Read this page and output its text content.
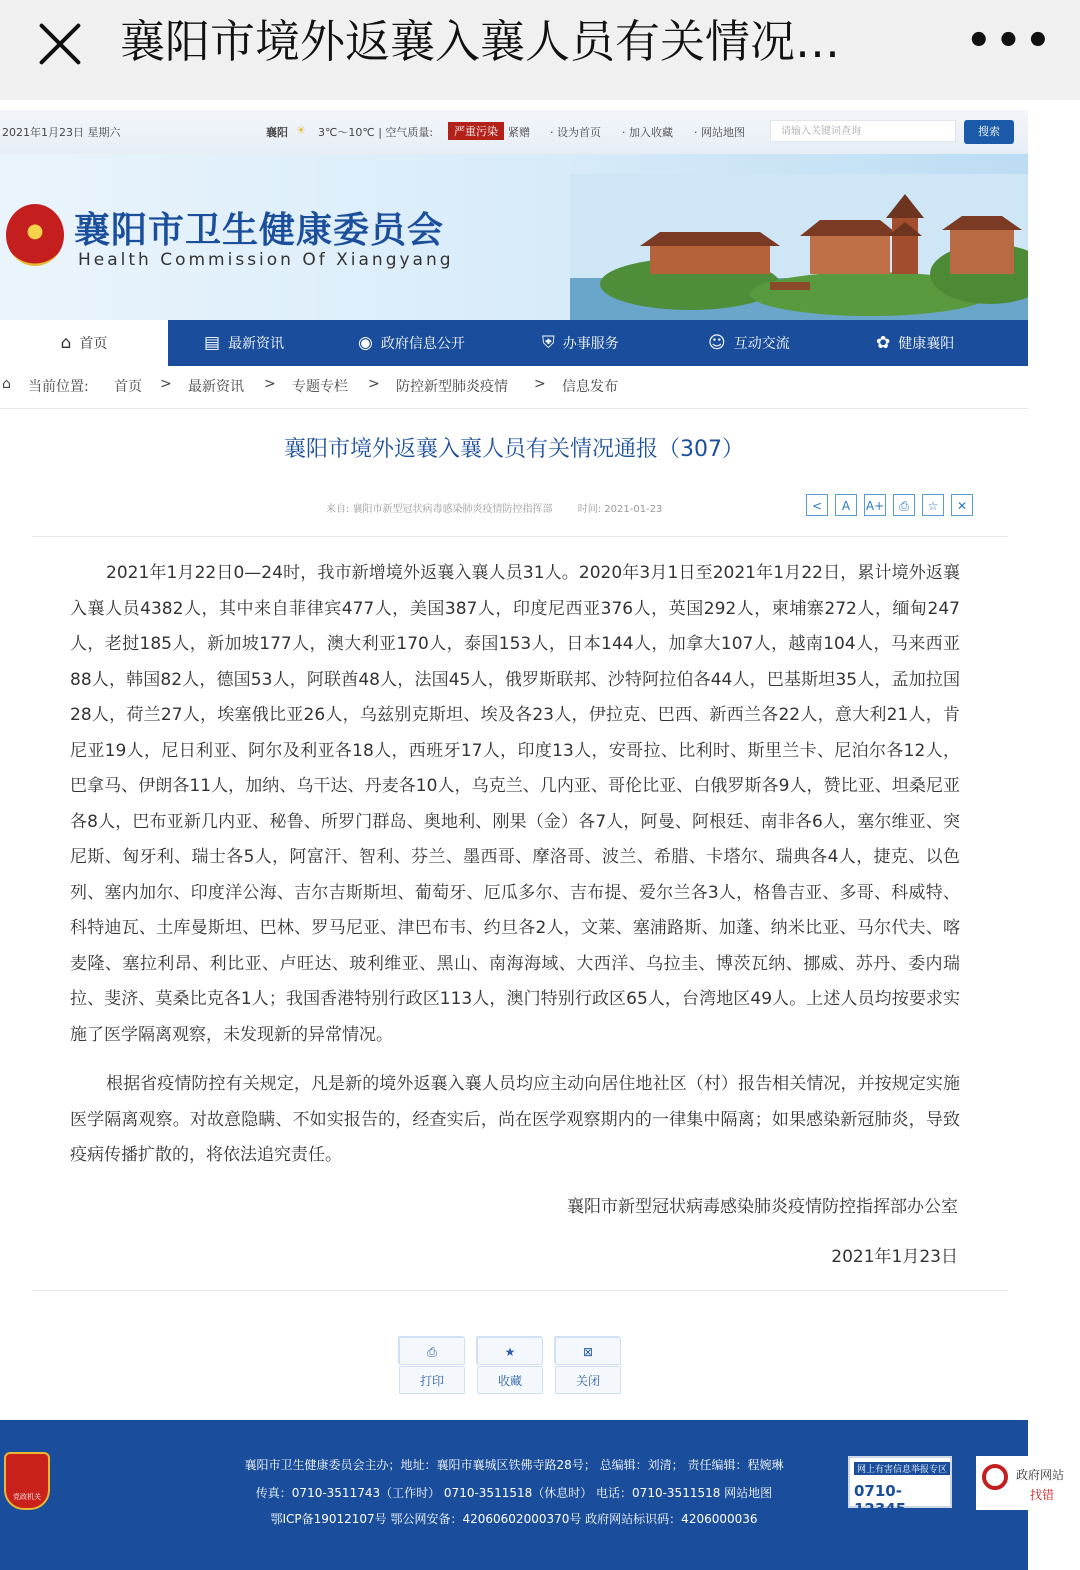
襄阳市境外返襄入襄人员有关情况…	•••
2021年1月23日 星期六	襄阳 ☀ 3℃～10℃ | 空气质量:	严重污染 紧赠 · 设为首页 · 加入收藏 · 网站地图	请输入关键词查询	搜索
襄阳市卫生健康委员会
Health Commission Of Xiangyang
⌂ 首页	▤ 最新资讯	◉ 政府信息公开	⛨ 办事服务	☺ 互动交流	✿ 健康襄阳
⌂ 当前位置: 首页 > 最新资讯 > 专题专栏 > 防控新型肺炎疫情 > 信息发布
襄阳市境外返襄入襄人员有关情况通报（307）
来自: 襄阳市新型冠状病毒感染肺炎疫情防控指挥部	时间: 2021-01-23	< A A+ ⎙ ☆ ✕

2021年1月22日0—24时，我市新增境外返襄入襄人员31人。2020年3月1日至2021年1月22日，累计境外返襄入襄人员4382人，其中来自菲律宾477人，美国387人，印度尼西亚376人，英国292人，柬埔寨272人，缅甸247人，老挝185人，新加坡177人，澳大利亚170人，泰国153人，日本144人，加拿大107人，越南104人，马来西亚88人，韩国82人，德国53人，阿联酋48人，法国45人，俄罗斯联邦、沙特阿拉伯各44人，巴基斯坦35人，孟加拉国28人，荷兰27人，埃塞俄比亚26人，乌兹别克斯坦、埃及各23人，伊拉克、巴西、新西兰各22人，意大利21人，肯尼亚19人，尼日利亚、阿尔及利亚各18人，西班牙17人，印度13人，安哥拉、比利时、斯里兰卡、尼泊尔各12人，巴拿马、伊朗各11人，加纳、乌干达、丹麦各10人，乌克兰、几内亚、哥伦比亚、白俄罗斯各9人，赞比亚、坦桑尼亚各8人，巴布亚新几内亚、秘鲁、所罗门群岛、奥地利、刚果（金）各7人，阿曼、阿根廷、南非各6人，塞尔维亚、突尼斯、匈牙利、瑞士各5人，阿富汗、智利、芬兰、墨西哥、摩洛哥、波兰、希腊、卡塔尔、瑞典各4人，捷克、以色列、塞内加尔、印度洋公海、吉尔吉斯斯坦、葡萄牙、厄瓜多尔、吉布提、爱尔兰各3人，格鲁吉亚、多哥、科威特、科特迪瓦、土库曼斯坦、巴林、罗马尼亚、津巴布韦、约旦各2人，文莱、塞浦路斯、加蓬、纳米比亚、马尔代夫、喀麦隆、塞拉利昂、利比亚、卢旺达、玻利维亚、黑山、南海海域、大西洋、乌拉圭、博茨瓦纳、挪威、苏丹、委内瑞拉、斐济、莫桑比克各1人；我国香港特别行政区113人，澳门特别行政区65人，台湾地区49人。上述人员均按要求实施了医学隔离观察，未发现新的异常情况。

根据省疫情防控有关规定，凡是新的境外返襄入襄人员均应主动向居住地社区（村）报告相关情况，并按规定实施医学隔离观察。对故意隐瞒、不如实报告的，经查实后，尚在医学观察期内的一律集中隔离；如果感染新冠肺炎，导致疫病传播扩散的，将依法追究责任。

襄阳市新型冠状病毒感染肺炎疫情防控指挥部办公室
2021年1月23日
⎙打印★收藏⊠关闭
党政机关
襄阳市卫生健康委员会主办；地址：襄阳市襄城区铁佛寺路28号； 总编辑：刘清； 责任编辑：程婉琳
传真：0710-3511743（工作时） 0710-3511518（休息时） 电话：0710-3511518 网站地图
鄂ICP备19012107号 鄂公网安备：42060602000370号 政府网站标识码：4206000036
网上有害信息举报专区
0710-12345
政府网站
找错
